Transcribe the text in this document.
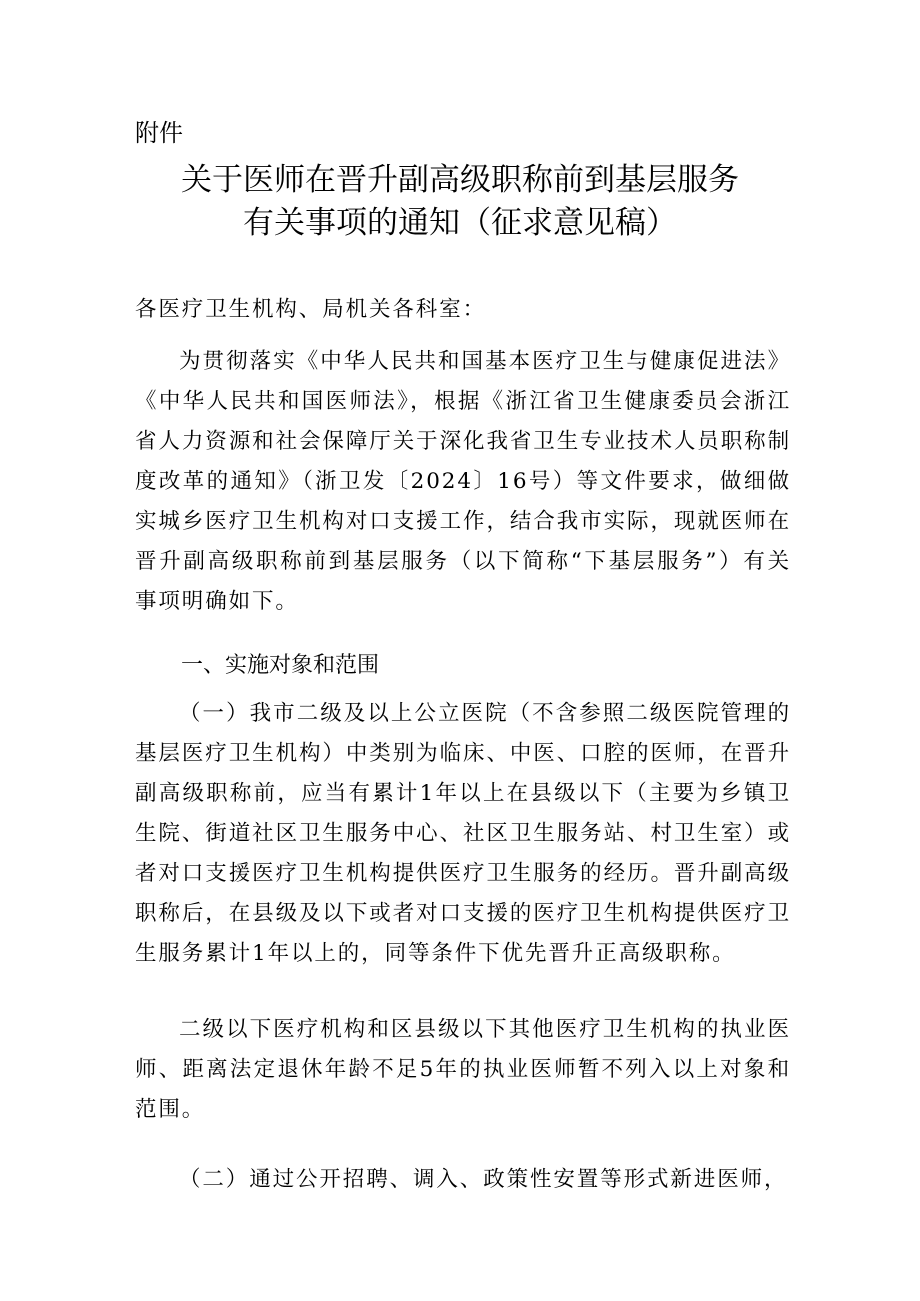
附件
关于医师在晋升副高级职称前到基层服务
有关事项的通知（征求意见稿）
各医疗卫生机构、局机关各科室：
为贯彻落实《中华人民共和国基本医疗卫生与健康促进法》《中华人民共和国医师法》，根据《浙江省卫生健康委员会浙江省人力资源和社会保障厅关于深化我省卫生专业技术人员职称制度改革的通知》（浙卫发〔2024〕16号）等文件要求，做细做实城乡医疗卫生机构对口支援工作，结合我市实际，现就医师在晋升副高级职称前到基层服务（以下简称“下基层服务”）有关事项明确如下。
一、实施对象和范围
（一）我市二级及以上公立医院（不含参照二级医院管理的基层医疗卫生机构）中类别为临床、中医、口腔的医师，在晋升副高级职称前，应当有累计1年以上在县级以下（主要为乡镇卫生院、街道社区卫生服务中心、社区卫生服务站、村卫生室）或者对口支援医疗卫生机构提供医疗卫生服务的经历。晋升副高级职称后，在县级及以下或者对口支援的医疗卫生机构提供医疗卫生服务累计1年以上的，同等条件下优先晋升正高级职称。
二级以下医疗机构和区县级以下其他医疗卫生机构的执业医师、距离法定退休年龄不足5年的执业医师暂不列入以上对象和范围。
（二）通过公开招聘、调入、政策性安置等形式新进医师，
